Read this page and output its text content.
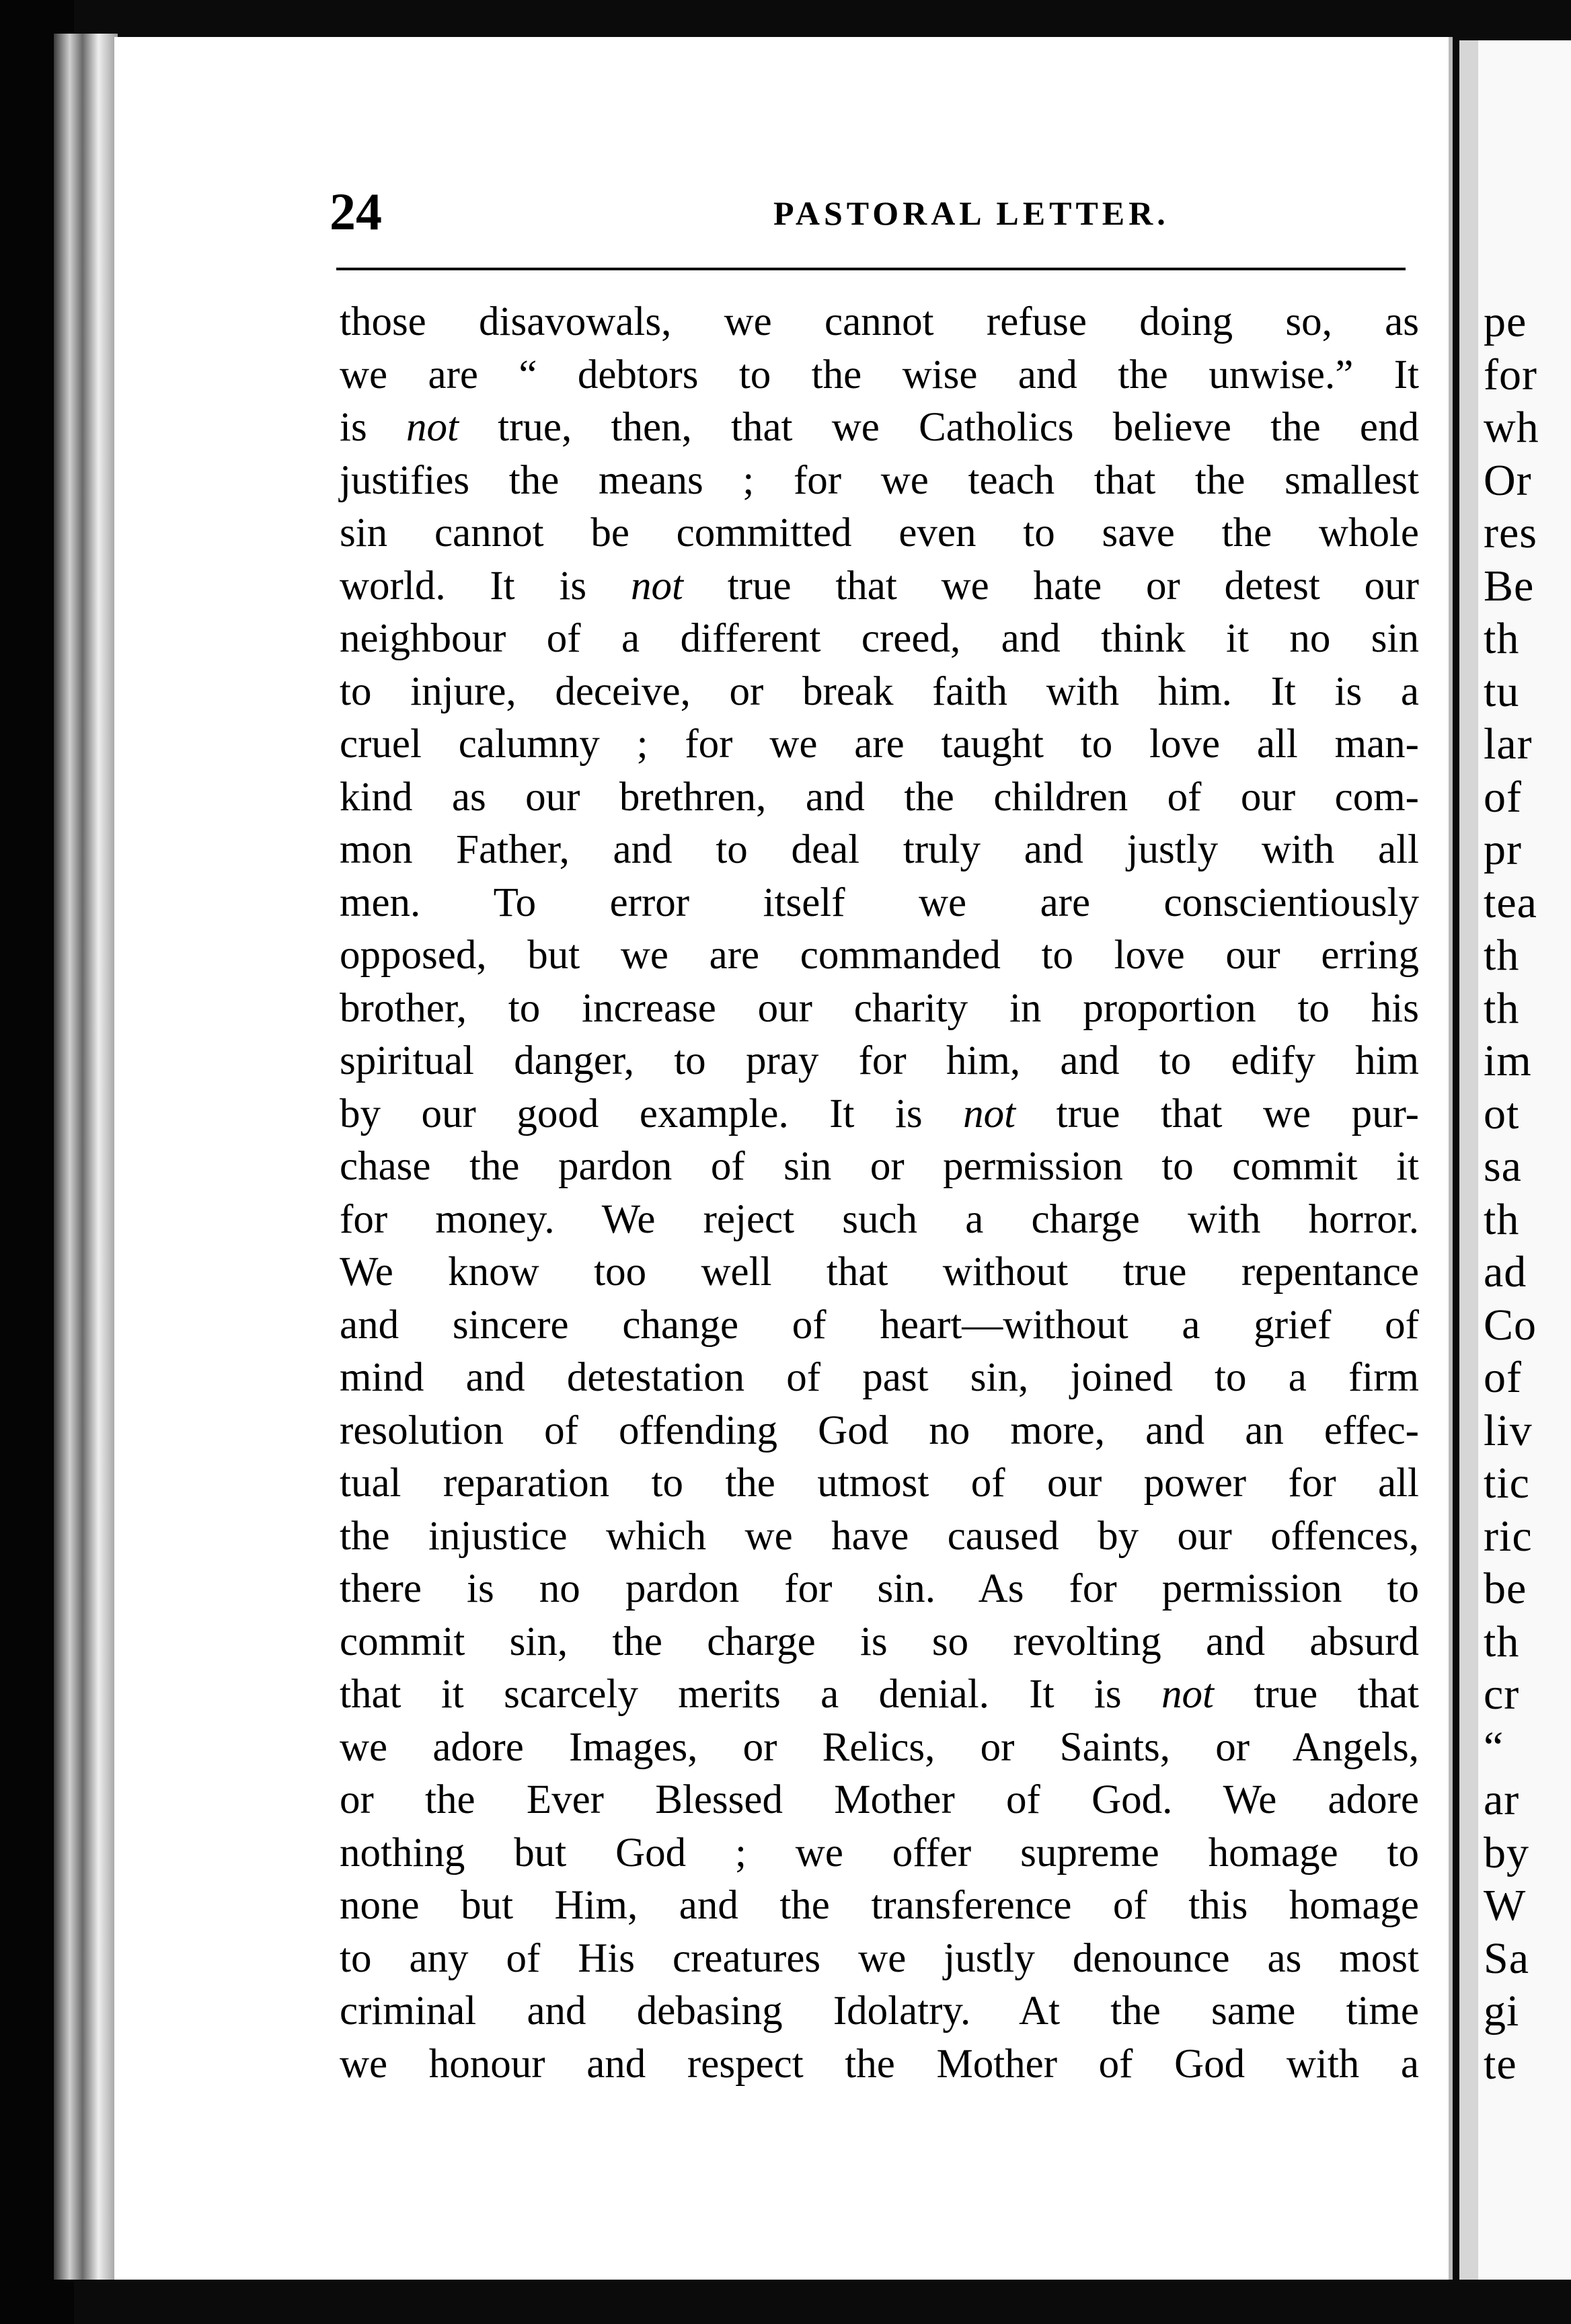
pe
for
wh
Or
res
Be
th
tu
lar
of
pr
tea
th
th
im
ot
sa
th
ad
Co
of
liv
tic
ric
be
th
cr
“
ar
by
W
Sa
gi
te
24	PASTORAL LETTER.
those disavowals, we cannot refuse doing so, as
we are “ debtors to the wise and the unwise.” It
is not true, then, that we Catholics believe the end
justifies the means ; for we teach that the smallest
sin cannot be committed even to save the whole
world. It is not true that we hate or detest our
neighbour of a different creed, and think it no sin
to injure, deceive, or break faith with him. It is a
cruel calumny ; for we are taught to love all man-
kind as our brethren, and the children of our com-
mon Father, and to deal truly and justly with all
men. To error itself we are conscientiously
opposed, but we are commanded to love our erring
brother, to increase our charity in proportion to his
spiritual danger, to pray for him, and to edify him
by our good example. It is not true that we pur-
chase the pardon of sin or permission to commit it
for money. We reject such a charge with horror.
We know too well that without true repentance
and sincere change of heart—without a grief of
mind and detestation of past sin, joined to a firm
resolution of offending God no more, and an effec-
tual reparation to the utmost of our power for all
the injustice which we have caused by our offences,
there is no pardon for sin. As for permission to
commit sin, the charge is so revolting and absurd
that it scarcely merits a denial. It is not true that
we adore Images, or Relics, or Saints, or Angels,
or the Ever Blessed Mother of God. We adore
nothing but God ; we offer supreme homage to
none but Him, and the transference of this homage
to any of His creatures we justly denounce as most
criminal and debasing Idolatry. At the same time
we honour and respect the Mother of God with a
